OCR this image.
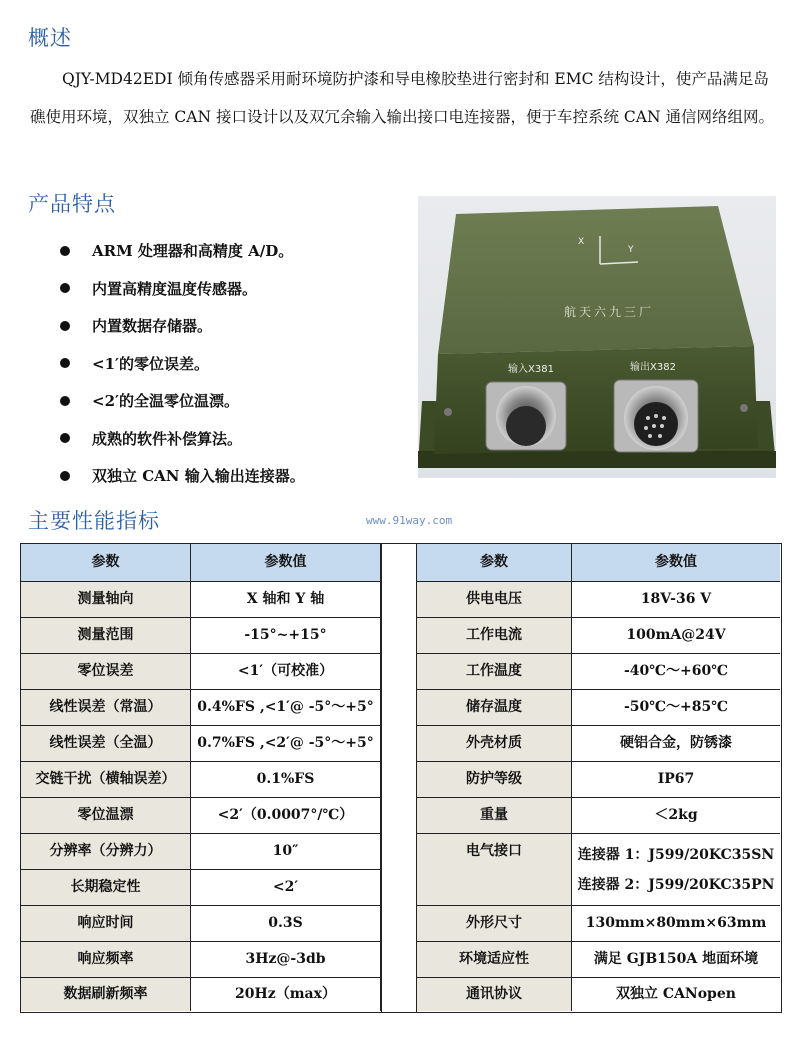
概述

QJY-MD42EDI 倾角传感器采用耐环境防护漆和导电橡胶垫进行密封和 EMC 结构设计，使产品满足岛礁使用环境，双独立 CAN 接口设计以及双冗余输入输出接口电连接器，便于车控系统 CAN 通信网络组网。

产品特点
ARM 处理器和高精度 A/D。
内置高精度温度传感器。
内置数据存储器。
<1′的零位误差。
<2′的全温零位温漂。
成熟的软件补偿算法。
双独立 CAN 输入输出连接器。
X
Y
航天六九三厂
输入X381	输出X382
主要性能指标	www.91way.com
参数	参数值
测量轴向	X 轴和 Y 轴
测量范围	-15°~+15°
零位误差	<1′（可校准）
线性误差（常温）	0.4%FS ,<1′@ -5°～+5°
线性误差（全温）	0.7%FS ,<2′@ -5°～+5°
交链干扰（横轴误差）	0.1%FS
零位温漂	<2′（0.0007°/℃）
分辨率（分辨力）	10″
长期稳定性	<2′
响应时间	0.3S
响应频率	3Hz@-3db
数据刷新频率	20Hz（max）
参数	参数值
供电电压	18V-36 V
工作电流	100mA@24V
工作温度	-40℃～+60℃
储存温度	-50℃～+85℃
外壳材质	硬铝合金，防锈漆
防护等级	IP67
重量	＜2kg
电气接口	连接器 1：J599/20KC35SN
连接器 2：J599/20KC35PN
外形尺寸	130mm×80mm×63mm
环境适应性	满足 GJB150A 地面环境
通讯协议	双独立 CANopen
